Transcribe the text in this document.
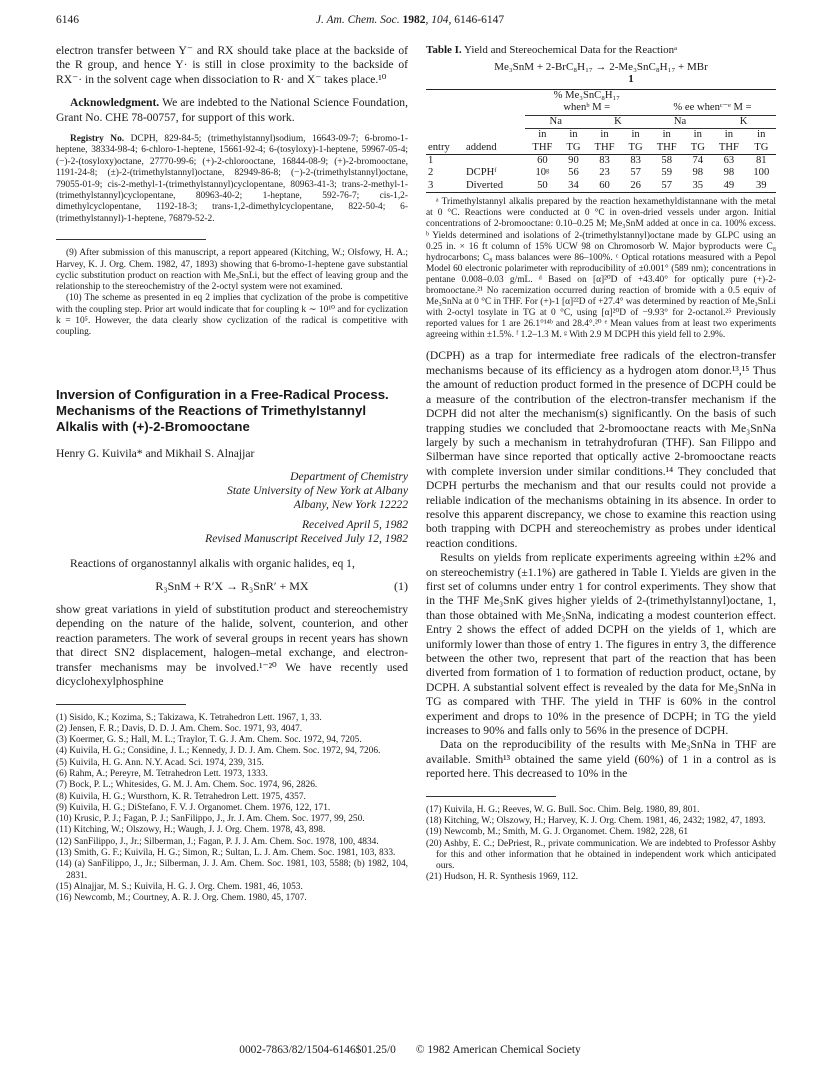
6146	J. Am. Chem. Soc. 1982, 104, 6146-6147

electron transfer between Y⁻ and RX should take place at the backside of the R group, and hence Y· is still in close proximity to the backside of RX⁻· in the solvent cage when dissociation to R· and X⁻ takes place.¹⁰

Acknowledgment. We are indebted to the National Science Foundation, Grant No. CHE 78-00757, for support of this work.

Registry No. DCPH, 829-84-5; (trimethylstannyl)sodium, 16643-09-7; 6-bromo-1-heptene, 38334-98-4; 6-chloro-1-heptene, 15661-92-4; 6-(tosyloxy)-1-heptene, 59967-05-4; (−)-2-(tosyloxy)octane, 27770-99-6; (+)-2-chlorooctane, 16844-08-9; (+)-2-bromooctane, 1191-24-8; (±)-2-(trimethylstannyl)octane, 82949-86-8; (−)-2-(trimethylstannyl)octane, 79055-01-9; cis-2-methyl-1-(trimethylstannyl)cyclopentane, 80963-41-3; trans-2-methyl-1-(trimethylstannyl)cyclopentane, 80963-40-2; 1-heptane, 592-76-7; cis-1,2-dimethylcyclopentane, 1192-18-3; trans-1,2-dimethylcyclopentane, 822-50-4; 6-(trimethylstannyl)-1-heptene, 76879-52-2.

(9) After submission of this manuscript, a report appeared (Kitching, W.; Olsfowy, H. A.; Harvey, K. J. Org. Chem. 1982, 47, 1893) showing that 6-bromo-1-heptene gave substantial cyclic substitution product on reaction with Me₃SnLi, but the effect of leaving group and the relationship to the stereochemistry of the 2-octyl system were not examined.

(10) The scheme as presented in eq 2 implies that cyclization of the probe is competitive with the coupling step. Prior art would indicate that for coupling k ∼ 10¹⁰ and for cyclization k = 10⁵. However, the data clearly show cyclization of the radical is competitive with coupling.

Inversion of Configuration in a Free-Radical Process. Mechanisms of the Reactions of Trimethylstannyl Alkalis with (+)-2-Bromooctane
Henry G. Kuivila* and Mikhail S. Alnajjar
Department of Chemistry
State University of New York at Albany
Albany, New York 12222
Received April 5, 1982
Revised Manuscript Received July 12, 1982

Reactions of organostannyl alkalis with organic halides, eq 1,

R₃SnM + R′X → R₃SnR′ + MX	(1)

show great variations in yield of substitution product and stereochemistry depending on the nature of the halide, solvent, counterion, and other reaction parameters. The work of several groups in recent years has shown that direct SN2 displacement, halogen–metal exchange, and electron-transfer mechanisms may be involved.¹⁻²⁰ We have recently used dicyclohexylphosphine

(1) Sisido, K.; Kozima, S.; Takizawa, K. Tetrahedron Lett. 1967, 1, 33.

(2) Jensen, F. R.; Davis, D. D. J. Am. Chem. Soc. 1971, 93, 4047.

(3) Koermer, G. S.; Hall, M. L.; Traylor, T. G. J. Am. Chem. Soc. 1972, 94, 7205.

(4) Kuivila, H. G.; Considine, J. L.; Kennedy, J. D. J. Am. Chem. Soc. 1972, 94, 7206.

(5) Kuivila, H. G. Ann. N.Y. Acad. Sci. 1974, 239, 315.

(6) Rahm, A.; Pereyre, M. Tetrahedron Lett. 1973, 1333.

(7) Bock, P. L.; Whitesides, G. M. J. Am. Chem. Soc. 1974, 96, 2826.

(8) Kuivila, H. G.; Wursthorn, K. R. Tetrahedron Lett. 1975, 4357.

(9) Kuivila, H. G.; DiStefano, F. V. J. Organomet. Chem. 1976, 122, 171.

(10) Krusic, P. J.; Fagan, P. J.; SanFilippo, J., Jr. J. Am. Chem. Soc. 1977, 99, 250.

(11) Kitching, W.; Olszowy, H.; Waugh, J. J. Org. Chem. 1978, 43, 898.

(12) SanFilippo, J., Jr.; Silberman, J.; Fagan, P. J. J. Am. Chem. Soc. 1978, 100, 4834.

(13) Smith, G. F.; Kuivila, H. G.; Simon, R.; Sultan, L. J. Am. Chem. Soc. 1981, 103, 833.

(14) (a) SanFilippo, J., Jr.; Silberman, J. J. Am. Chem. Soc. 1981, 103, 5588; (b) 1982, 104, 2831.

(15) Alnajjar, M. S.; Kuivila, H. G. J. Org. Chem. 1981, 46, 1053.

(16) Newcomb, M.; Courtney, A. R. J. Org. Chem. 1980, 45, 1707.

Table I. Yield and Stereochemical Data for the Reactionᵃ
Me₃SnM + 2-BrC₈H₁₇ → 2-Me₃SnC₈H₁₇ + MBr
1
		% Me₃SnC₈H₁₇							
		whenᵇ M =				% ee whenᶜ⁻ᵉ M =			
		Na		K		Na		K	
		in	in	in	in	in	in	in	in
entry	addend	THF	TG	THF	TG	THF	TG	THF	TG
1		60	90	83	83	58	74	63	81
2	DCPHᶠ	10ᵍ	56	23	57	59	98	98	100
3	Diverted	50	34	60	26	57	35	49	39

ᵃ Trimethylstannyl alkalis prepared by the reaction hexamethyldistannane with the metal at 0 °C. Reactions were conducted at 0 °C in oven-dried vessels under argon. Initial concentrations of 2-bromooctane: 0.10–0.25 M; Me₃SnM added at once in ca. 100% excess. ᵇ Yields determined and isolations of 2-(trimethylstannyl)octane made by GLPC using an 0.25 in. × 16 ft column of 15% UCW 98 on Chromosorb W. Major byproducts were C₈ hydrocarbons; C₈ mass balances were 86–100%. ᶜ Optical rotations measured with a Pepol Model 60 electronic polarimeter with reproducibility of ±0.001° (589 nm); concentrations in pentane 0.008–0.03 g/mL. ᵈ Based on [α]²⁰D of +43.40° for optically pure (+)-2-bromooctane.²¹ No racemization occurred during reaction of bromide with a 0.5 equiv of Me₃SnNa at 0 °C in THF. For (+)-1 [α]²²D of +27.4° was determined by reaction of Me₃SnLi with 2-octyl tosylate in TG at 0 °C, using [α]²⁰D of −9.93° for 2-octanol.²⁵ Previously reported values for 1 are 26.1°¹⁴ᵇ and 28.4°.²⁰ ᵉ Mean values from at least two experiments agreeing within ±1.5%. ᶠ 1.2–1.3 M. ᵍ With 2.9 M DCPH this yield fell to 2.9%.

(DCPH) as a trap for intermediate free radicals of the electron-transfer mechanisms because of its efficiency as a hydrogen atom donor.¹³,¹⁵ Thus the amount of reduction product formed in the presence of DCPH could be a measure of the contribution of the electron-transfer mechanism if the DCPH did not alter the mechanism(s) significantly. On the basis of such trapping studies we concluded that 2-bromooctane reacts with Me₃SnNa largely by such a mechanism in tetrahydrofuran (THF). San Filippo and Silberman have since reported that optically active 2-bromooctane reacts with complete inversion under similar conditions.¹⁴ They concluded that DCPH perturbs the mechanism and that our results could not provide a reliable indication of the mechanisms obtaining in its absence. In order to resolve this apparent discrepancy, we chose to examine this reaction using both trapping with DCPH and stereochemistry as probes under identical reaction conditions.

Results on yields from replicate experiments agreeing within ±2% and on stereochemistry (±1.1%) are gathered in Table I. Yields are given in the first set of columns under entry 1 for control experiments. They show that in the THF Me₃SnK gives higher yields of 2-(trimethylstannyl)octane, 1, than those obtained with Me₃SnNa, indicating a modest counterion effect. Entry 2 shows the effect of added DCPH on the yields of 1, which are uniformly lower than those of entry 1. The figures in entry 3, the difference between the other two, represent that part of the reaction that has been diverted from formation of 1 to formation of reduction product, octane, by DCPH. A substantial solvent effect is revealed by the data for Me₃SnNa in TG as compared with THF. The yield in THF is 60% in the control experiment and drops to 10% in the presence of DCPH; in TG the yield increases to 90% and falls only to 56% in the presence of DCPH.

Data on the reproducibility of the results with Me₃SnNa in THF are available. Smith¹³ obtained the same yield (60%) of 1 in a control as is reported here. This decreased to 10% in the

(17) Kuivila, H. G.; Reeves, W. G. Bull. Soc. Chim. Belg. 1980, 89, 801.

(18) Kitching, W.; Olszowy, H.; Harvey, K. J. Org. Chem. 1981, 46, 2432; 1982, 47, 1893.

(19) Newcomb, M.; Smith, M. G. J. Organomet. Chem. 1982, 228, 61

(20) Ashby, E. C.; DePriest, R., private communication. We are indebted to Professor Ashby for this and other information that he obtained in independent work which anticipated ours.

(21) Hudson, H. R. Synthesis 1969, 112.

0002-7863/82/1504-6146$01.25/0 © 1982 American Chemical Society
